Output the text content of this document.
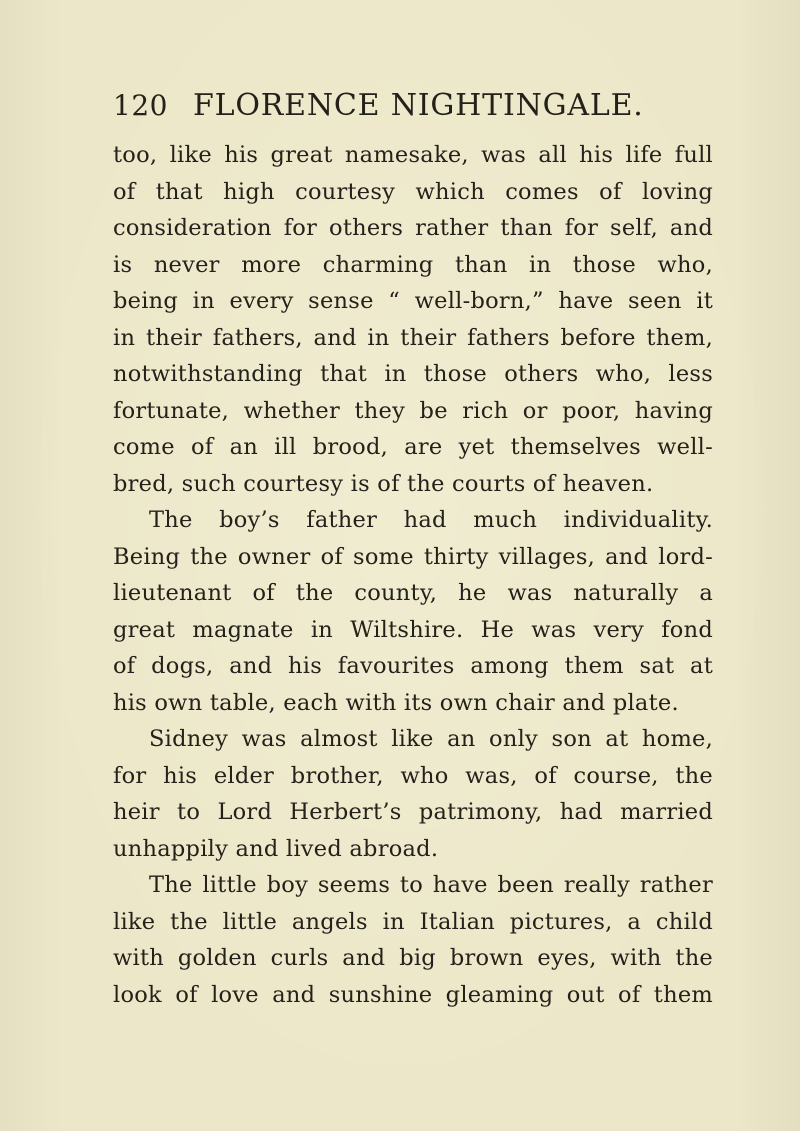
120 FLORENCE NIGHTINGALE.
too, like his great namesake, was all his life full
of that high courtesy which comes of loving
consideration for others rather than for self, and
is never more charming than in those who,
being in every sense “ well-born,” have seen it
in their fathers, and in their fathers before them,
notwithstanding that in those others who, less
fortunate, whether they be rich or poor, having
come of an ill brood, are yet themselves well-
bred, such courtesy is of the courts of heaven.
The boy’s father had much individuality.
Being the owner of some thirty villages, and lord-
lieutenant of the county, he was naturally a
great magnate in Wiltshire. He was very fond
of dogs, and his favourites among them sat at
his own table, each with its own chair and plate.
Sidney was almost like an only son at home,
for his elder brother, who was, of course, the
heir to Lord Herbert’s patrimony, had married
unhappily and lived abroad.
The little boy seems to have been really rather
like the little angels in Italian pictures, a child
with golden curls and big brown eyes, with the
look of love and sunshine gleaming out of them
